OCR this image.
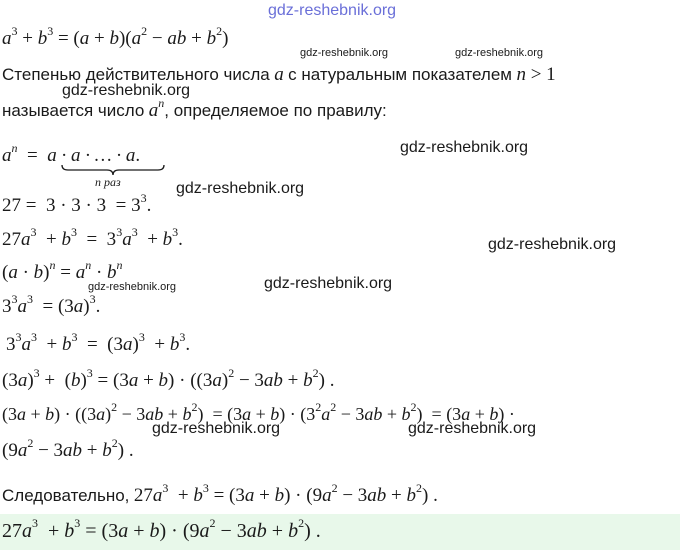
gdz-reshebnik.org
$a^3 + b^3 = (a + b)(a^2$ − ab + $b^2$)
gdz-reshebnik.org	gdz-reshebnik.org
Степенью действительного числа a с натуральным показателем n > 1
gdz-reshebnik.org
называется число $a^n$, определяемое по правилу:
$a^n = a \cdot a$ · … · a.
n раз
gdz-reshebnik.org
$27 = 3 \cdot 3 \cdot 3 = 3^3$.
gdz-reshebnik.org
$27a^3 + b^3 = 3^3a^3 + b^3$.	gdz-reshebnik.org
$(a \cdot b)^n = a^n \cdot b^n$
gdz-reshebnik.org	gdz-reshebnik.org
$3^3a^3 = (3a)^3$.
$3^3a^3 + b^3 = (3a)^3 + b^3$.
$(3a)^3 + (b)^3 = (3a + b) \cdot ((3a)^2 - 3ab + b^2)$ .
$(3a + b) \cdot ((3a)^2 - 3ab + b^2) = (3a + b) \cdot (3^2a^2 - 3ab + b^2) = (3a + b)$ ·
gdz-reshebnik.org	gdz-reshebnik.org
$(9a^2 - 3ab + b^2)$ .
Следовательно, $27a^3 + b^3 = (3a + b) \cdot (9a^2 - 3ab + b^2)$ .
$27a^3 + b^3 = (3a + b) \cdot (9a^2 - 3ab + b^2)$ .
